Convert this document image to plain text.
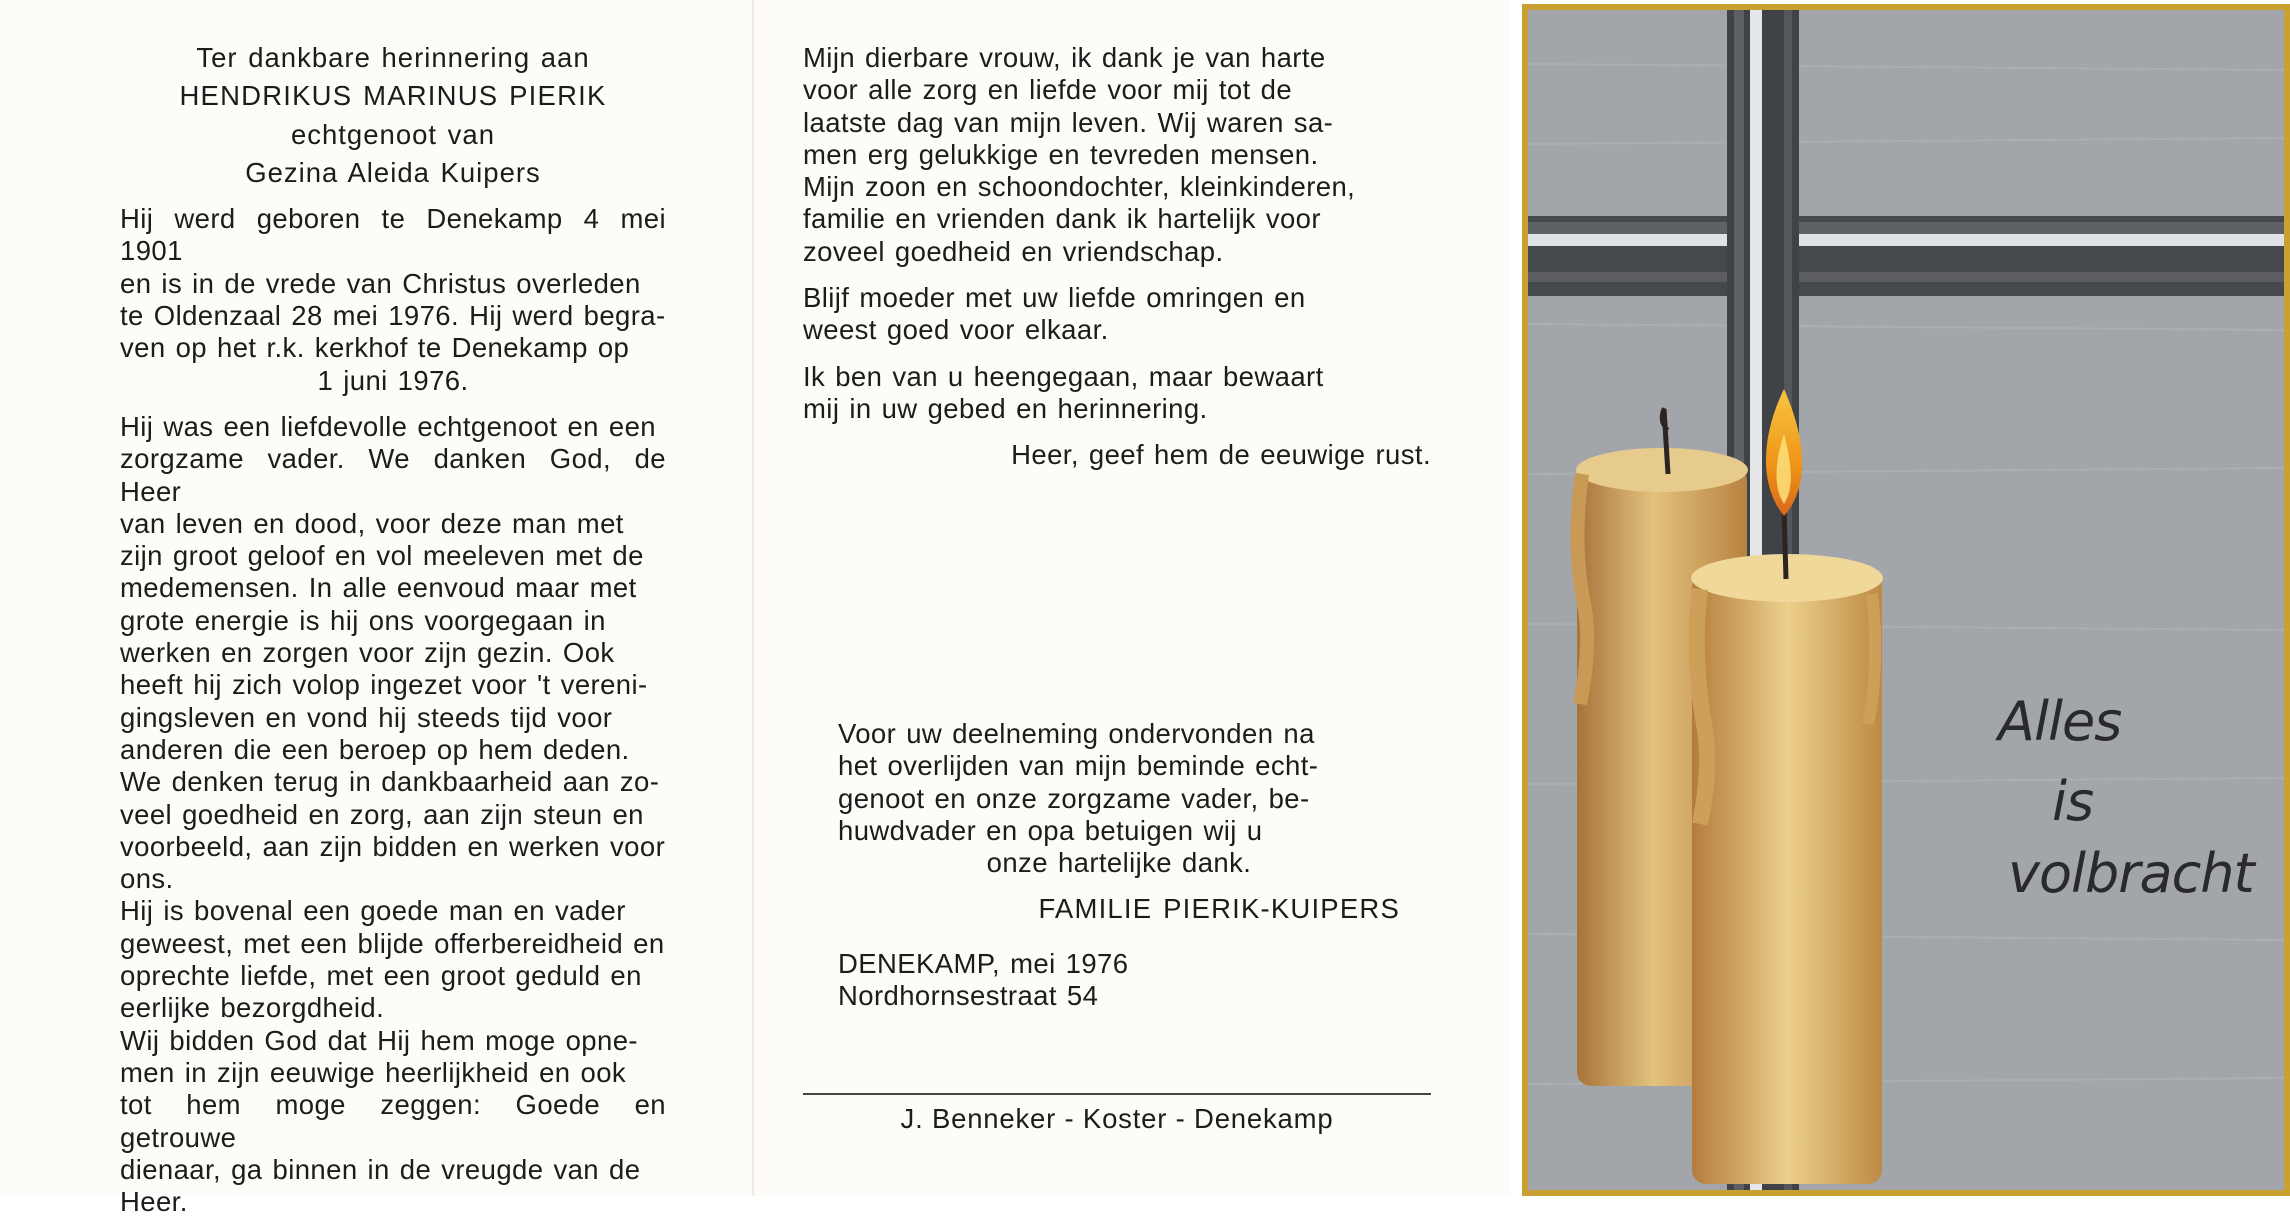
Ter dankbare herinnering aan

HENDRIKUS MARINUS PIERIK

echtgenoot van

Gezina Aleida Kuipers

Hij werd geboren te Denekamp 4 mei 1901

en is in de vrede van Christus overleden

te Oldenzaal 28 mei 1976. Hij werd begra-

ven op het r.k. kerkhof te Denekamp op

1 juni 1976.

Hij was een liefdevolle echtgenoot en een

zorgzame vader. We danken God, de Heer

van leven en dood, voor deze man met

zijn groot geloof en vol meeleven met de

medemensen. In alle eenvoud maar met

grote energie is hij ons voorgegaan in

werken en zorgen voor zijn gezin. Ook

heeft hij zich volop ingezet voor 't vereni-

gingsleven en vond hij steeds tijd voor

anderen die een beroep op hem deden.

We denken terug in dankbaarheid aan zo-

veel goedheid en zorg, aan zijn steun en

voorbeeld, aan zijn bidden en werken voor

ons.

Hij is bovenal een goede man en vader

geweest, met een blijde offerbereidheid en

oprechte liefde, met een groot geduld en

eerlijke bezorgdheid.

Wij bidden God dat Hij hem moge opne-

men in zijn eeuwige heerlijkheid en ook

tot hem moge zeggen: Goede en getrouwe

dienaar, ga binnen in de vreugde van de

Heer.

Mijn dierbare vrouw, ik dank je van harte

voor alle zorg en liefde voor mij tot de

laatste dag van mijn leven. Wij waren sa-

men erg gelukkige en tevreden mensen.

Mijn zoon en schoondochter, kleinkinderen,

familie en vrienden dank ik hartelijk voor

zoveel goedheid en vriendschap.

Blijf moeder met uw liefde omringen en

weest goed voor elkaar.

Ik ben van u heengegaan, maar bewaart

mij in uw gebed en herinnering.

Heer, geef hem de eeuwige rust.

Voor uw deelneming ondervonden na

het overlijden van mijn beminde echt-

genoot en onze zorgzame vader, be-

huwdvader en opa betuigen wij u

onze hartelijke dank.

FAMILIE PIERIK-KUIPERS

DENEKAMP, mei 1976

Nordhornsestraat 54

J. Benneker - Koster - Denekamp
Alles
is
volbracht
